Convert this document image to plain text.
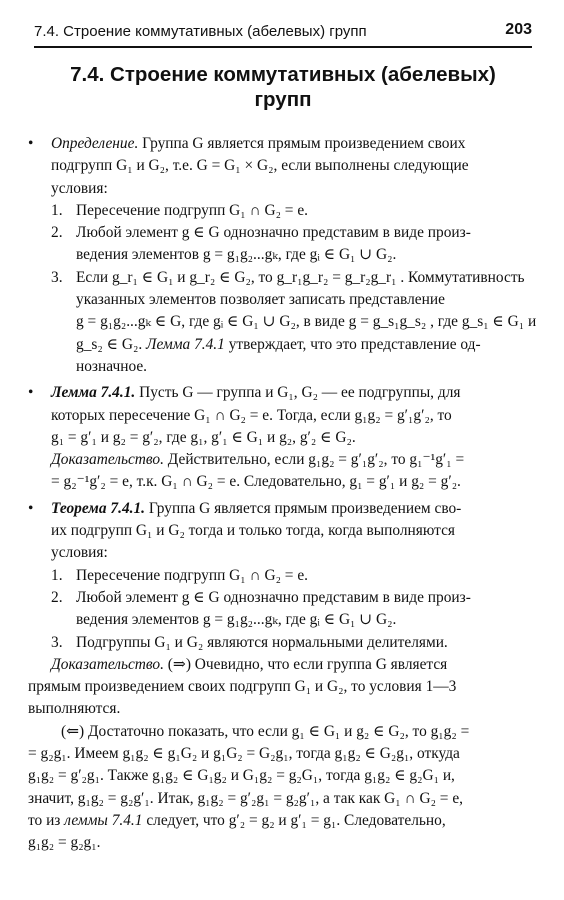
7.4. Строение коммутативных (абелевых) групп	203
7.4. Строение коммутативных (абелевых)
групп
• Определение. Группа G является прямым произведением своих
подгрупп G₁ и G₂, т.е. G = G₁ × G₂, если выполнены следующие
условия:
1. Пересечение подгрупп G₁ ∩ G₂ = e.
2. Любой элемент g ∈ G однозначно представим в виде произ-
ведения элементов g = g₁g₂...gₖ, где gᵢ ∈ G₁ ∪ G₂.
3. Если g_r₁ ∈ G₁ и g_r₂ ∈ G₂, то g_r₁g_r₂ = g_r₂g_r₁ . Коммутативность
указанных элементов позволяет записать представление
g = g₁g₂...gₖ ∈ G, где gᵢ ∈ G₁ ∪ G₂, в виде g = g_s₁g_s₂ , где g_s₁ ∈ G₁ и
g_s₂ ∈ G₂. Лемма 7.4.1 утверждает, что это представление од-
нозначное.
• Лемма 7.4.1. Пусть G — группа и G₁, G₂ — ее подгруппы, для
которых пересечение G₁ ∩ G₂ = e. Тогда, если g₁g₂ = g′₁g′₂, то
g₁ = g′₁ и g₂ = g′₂, где g₁, g′₁ ∈ G₁ и g₂, g′₂ ∈ G₂.
Доказательство. Действительно, если g₁g₂ = g′₁g′₂, то g₁⁻¹g′₁ =
= g₂⁻¹g′₂ = e, т.к. G₁ ∩ G₂ = e. Следовательно, g₁ = g′₁ и g₂ = g′₂.
• Теорема 7.4.1. Группа G является прямым произведением сво-
их подгрупп G₁ и G₂ тогда и только тогда, когда выполняются
условия:
1. Пересечение подгрупп G₁ ∩ G₂ = e.
2. Любой элемент g ∈ G однозначно представим в виде произ-
ведения элементов g = g₁g₂...gₖ, где gᵢ ∈ G₁ ∪ G₂.
3. Подгруппы G₁ и G₂ являются нормальными делителями.
Доказательство. (⇒) Очевидно, что если группа G является
прямым произведением своих подгрупп G₁ и G₂, то условия 1—3
выполняются.
(⇐) Достаточно показать, что если g₁ ∈ G₁ и g₂ ∈ G₂, то g₁g₂ =
= g₂g₁. Имеем g₁g₂ ∈ g₁G₂ и g₁G₂ = G₂g₁, тогда g₁g₂ ∈ G₂g₁, откуда
g₁g₂ = g′₂g₁. Также g₁g₂ ∈ G₁g₂ и G₁g₂ = g₂G₁, тогда g₁g₂ ∈ g₂G₁ и,
значит, g₁g₂ = g₂g′₁. Итак, g₁g₂ = g′₂g₁ = g₂g′₁, а так как G₁ ∩ G₂ = e,
то из леммы 7.4.1 следует, что g′₂ = g₂ и g′₁ = g₁. Следовательно,
g₁g₂ = g₂g₁.
